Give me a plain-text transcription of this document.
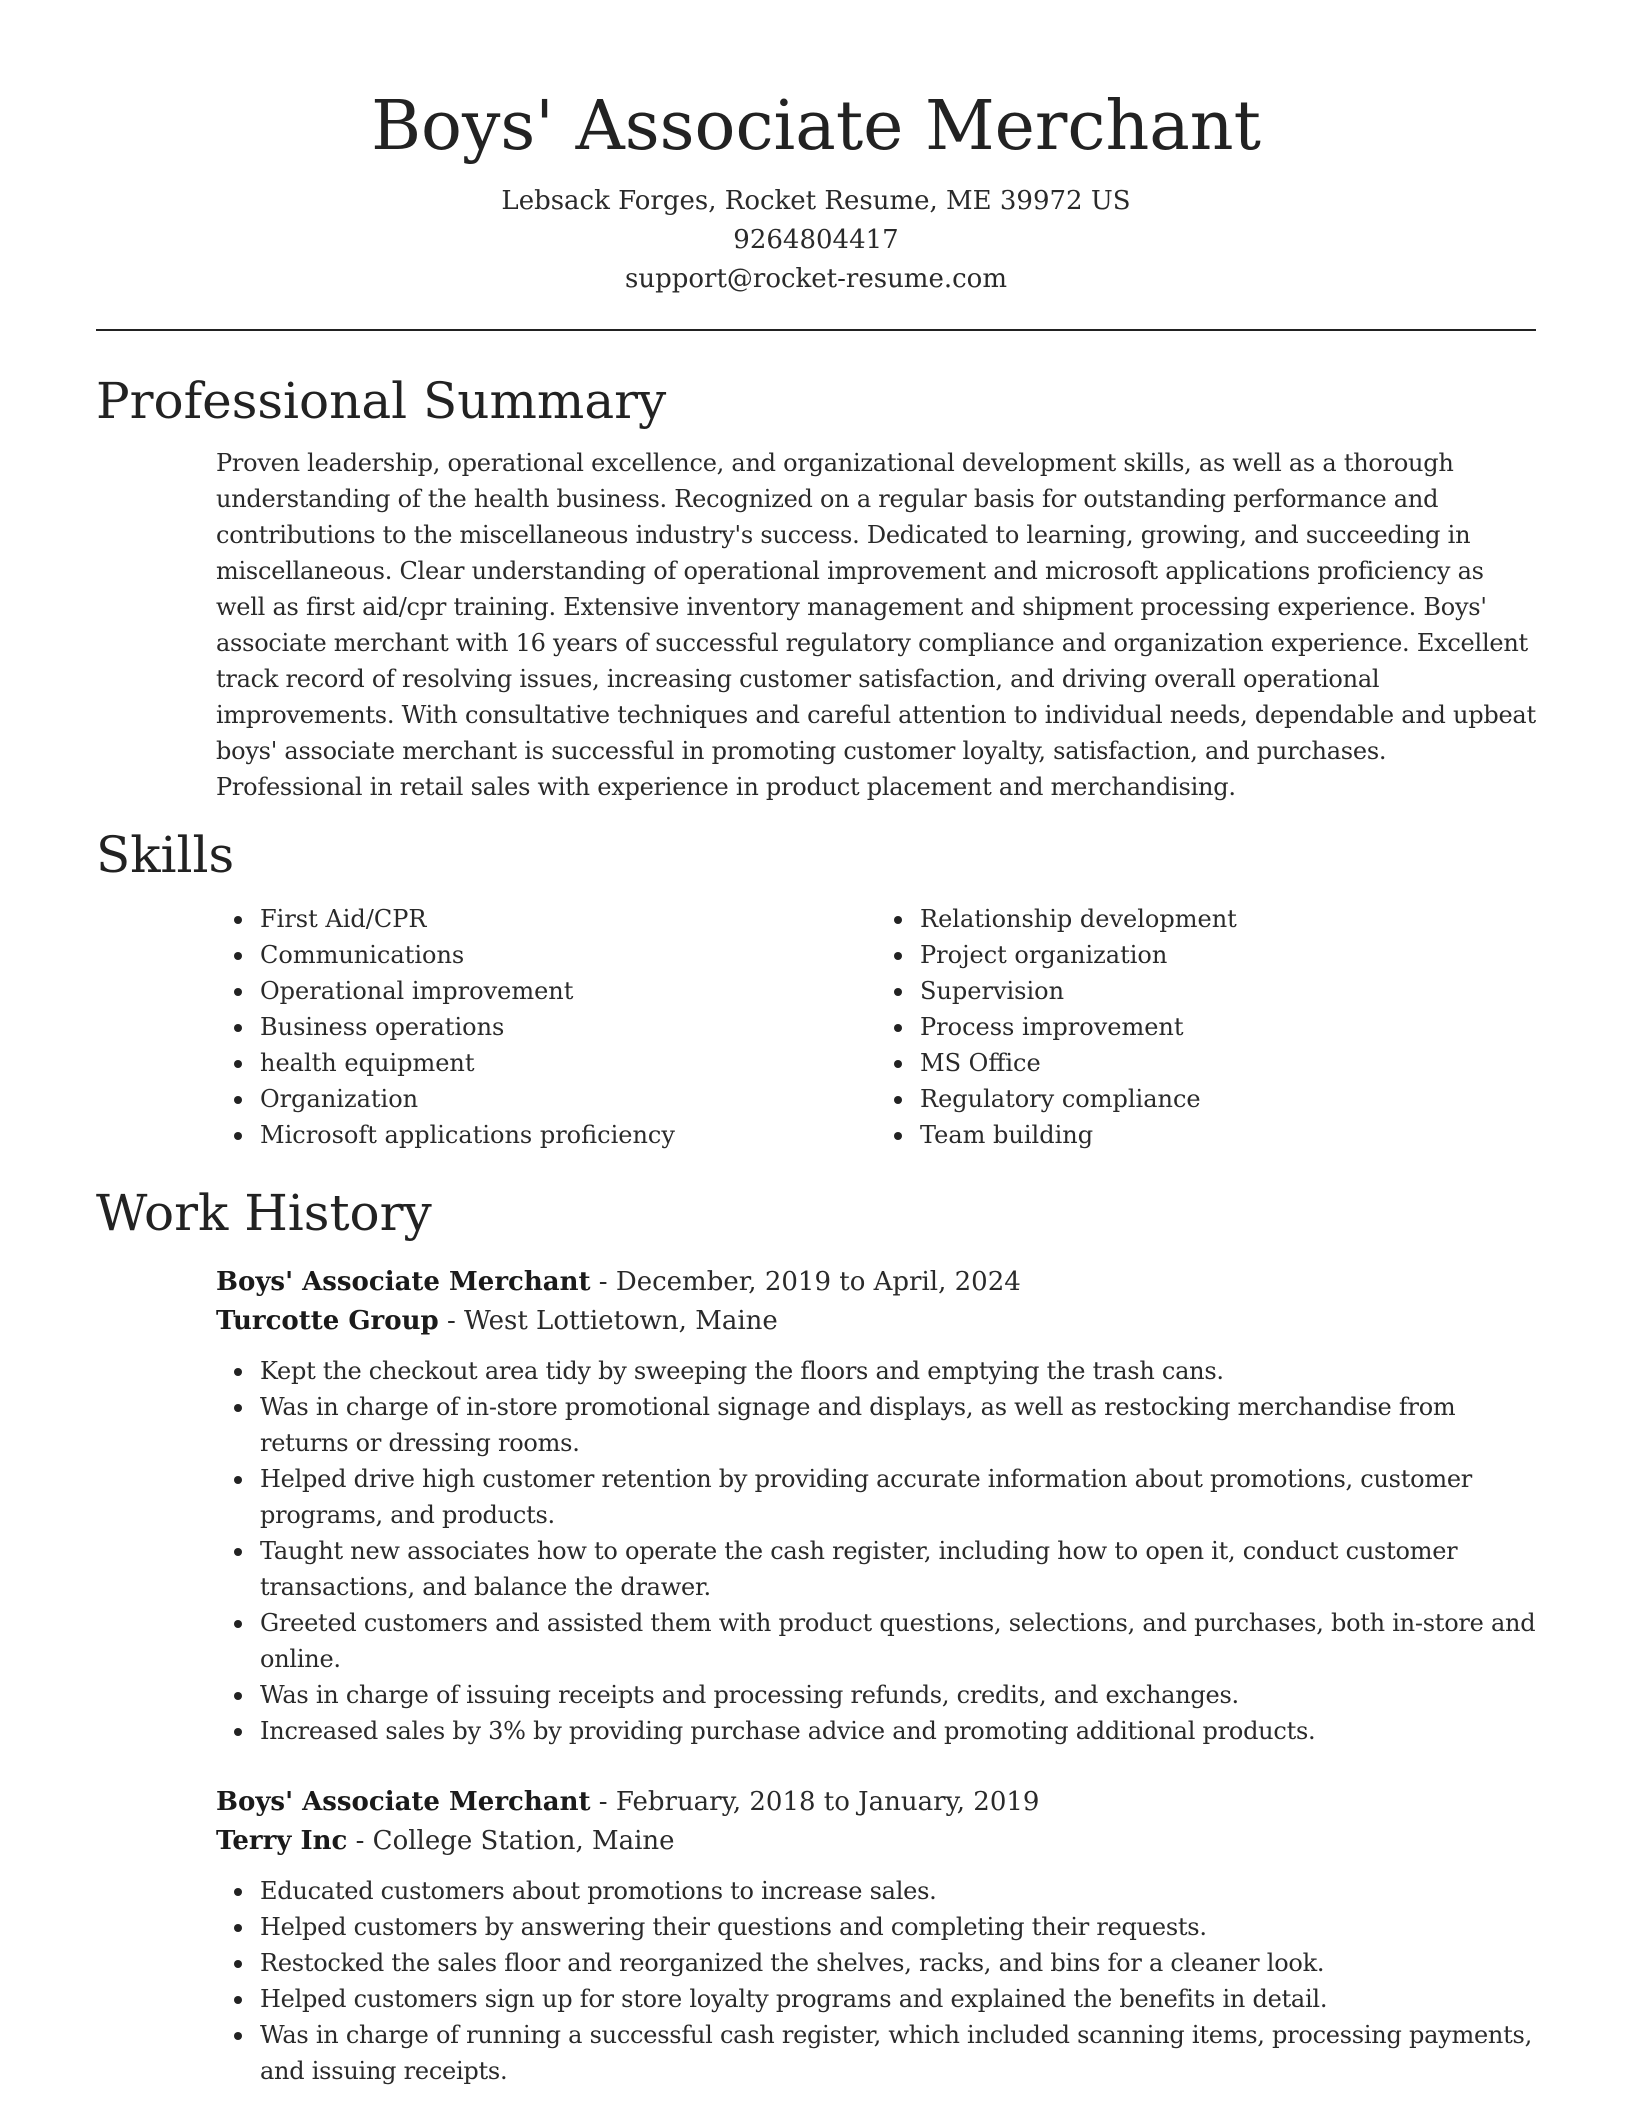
Boys' Associate Merchant
Lebsack Forges, Rocket Resume, ME 39972 US
9264804417
support@rocket-resume.com
Professional Summary
Proven leadership, operational excellence, and organizational development skills, as well as a thorough understanding of the health business. Recognized on a regular basis for outstanding performance and contributions to the miscellaneous industry's success. Dedicated to learning, growing, and succeeding in miscellaneous. Clear understanding of operational improvement and microsoft applications proficiency as well as first aid/cpr training. Extensive inventory management and shipment processing experience. Boys' associate merchant with 16 years of successful regulatory compliance and organization experience. Excellent track record of resolving issues, increasing customer satisfaction, and driving overall operational improvements. With consultative techniques and careful attention to individual needs, dependable and upbeat boys' associate merchant is successful in promoting customer loyalty, satisfaction, and purchases. Professional in retail sales with experience in product placement and merchandising.
Skills
First Aid/CPR
Communications
Operational improvement
Business operations
health equipment
Organization
Microsoft applications proficiency
Relationship development
Project organization
Supervision
Process improvement
MS Office
Regulatory compliance
Team building
Work History
Boys' Associate Merchant - December, 2019 to April, 2024
Turcotte Group - West Lottietown, Maine
Kept the checkout area tidy by sweeping the floors and emptying the trash cans.
Was in charge of in-store promotional signage and displays, as well as restocking merchandise from returns or dressing rooms.
Helped drive high customer retention by providing accurate information about promotions, customer programs, and products.
Taught new associates how to operate the cash register, including how to open it, conduct customer transactions, and balance the drawer.
Greeted customers and assisted them with product questions, selections, and purchases, both in-store and online.
Was in charge of issuing receipts and processing refunds, credits, and exchanges.
Increased sales by 3% by providing purchase advice and promoting additional products.
Boys' Associate Merchant - February, 2018 to January, 2019
Terry Inc - College Station, Maine
Educated customers about promotions to increase sales.
Helped customers by answering their questions and completing their requests.
Restocked the sales floor and reorganized the shelves, racks, and bins for a cleaner look.
Helped customers sign up for store loyalty programs and explained the benefits in detail.
Was in charge of running a successful cash register, which included scanning items, processing payments, and issuing receipts.
